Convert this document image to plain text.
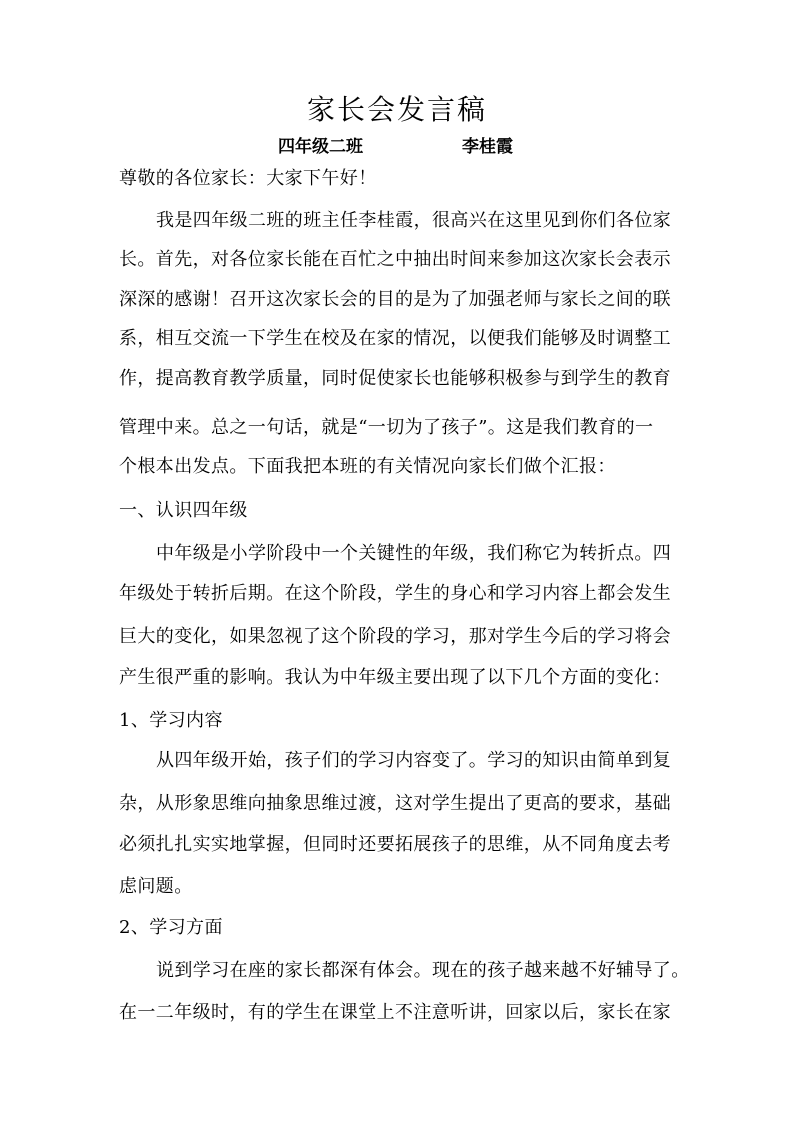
家长会发言稿
四年级二班	李桂霞
尊敬的各位家长：大家下午好！
我是四年级二班的班主任李桂霞，很高兴在这里见到你们各位家
长。首先，对各位家长能在百忙之中抽出时间来参加这次家长会表示
深深的感谢！召开这次家长会的目的是为了加强老师与家长之间的联
系，相互交流一下学生在校及在家的情况，以便我们能够及时调整工
作，提高教育教学质量，同时促使家长也能够积极参与到学生的教育
管理中来。总之一句话，就是“一切为了孩子”。这是我们教育的一
个根本出发点。下面我把本班的有关情况向家长们做个汇报：
一、认识四年级
中年级是小学阶段中一个关键性的年级，我们称它为转折点。四
年级处于转折后期。在这个阶段，学生的身心和学习内容上都会发生
巨大的变化，如果忽视了这个阶段的学习，那对学生今后的学习将会
产生很严重的影响。我认为中年级主要出现了以下几个方面的变化：
1、学习内容
从四年级开始，孩子们的学习内容变了。学习的知识由简单到复
杂，从形象思维向抽象思维过渡，这对学生提出了更高的要求，基础
必须扎扎实实地掌握，但同时还要拓展孩子的思维，从不同角度去考
虑问题。
2、学习方面
说到学习在座的家长都深有体会。现在的孩子越来越不好辅导了。
在一二年级时，有的学生在课堂上不注意听讲，回家以后，家长在家
